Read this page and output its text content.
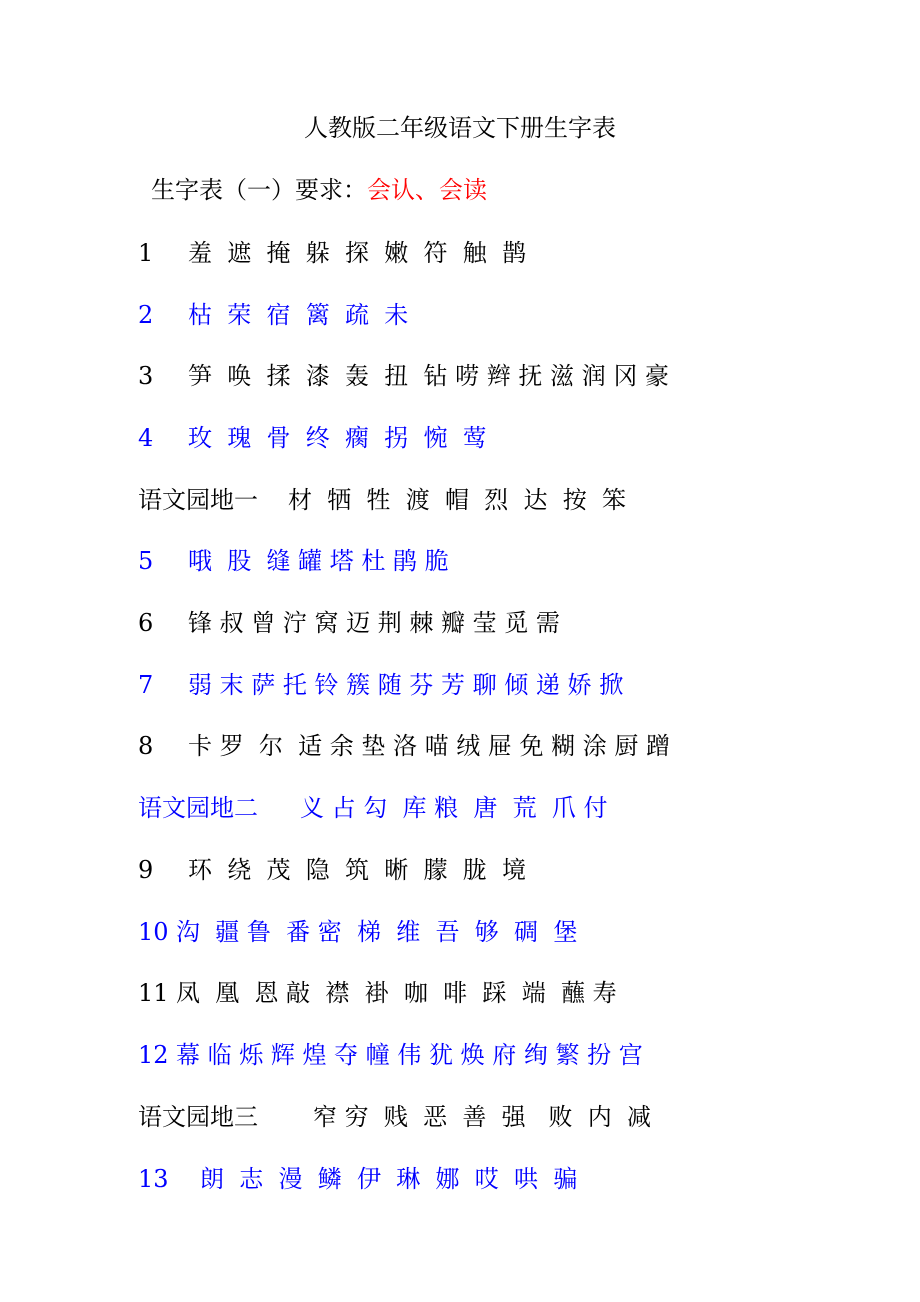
人教版二年级语文下册生字表
生字表（一）要求：会认、会读
1 羞  遮  掩  躲  探  嫩  符  触  鹊
2 枯  荣  宿  篱  疏  未
3 笋  唤  揉  漆  轰  扭  钻 唠 辫 抚 滋 润 冈 豪
4 玫  瑰  骨  终  瘸  拐  惋  莺
语文园地一 材  牺  牲  渡  帽  烈  达  按  笨
5 哦  股  缝 罐 塔 杜 鹃 脆
6 锋 叔 曾 泞 窝 迈 荆 棘 瓣 莹 觅 需
7 弱 末 萨 托 铃 簇 随 芬 芳 聊 倾 递 娇 掀
8 卡 罗  尔  适 余 垫 洛 喵 绒 屉 免 糊 涂 厨 蹭
语文园地二 义 占 勾  库 粮  唐  荒  爪 付
9 环  绕  茂  隐  筑  晰  朦  胧  境
10 沟  疆 鲁  番 密  梯  维  吾  够  碉  堡
11 凤  凰  恩 敲  襟  褂  咖  啡  踩  端  蘸 寿
12 幕 临 烁 辉 煌 夺 幢 伟 犹 焕 府 绚 繁 扮 宫
语文园地三 窄 穷  贱  恶  善  强   败  内  减
13 朗  志  漫  鳞  伊  琳  娜  哎  哄  骗
